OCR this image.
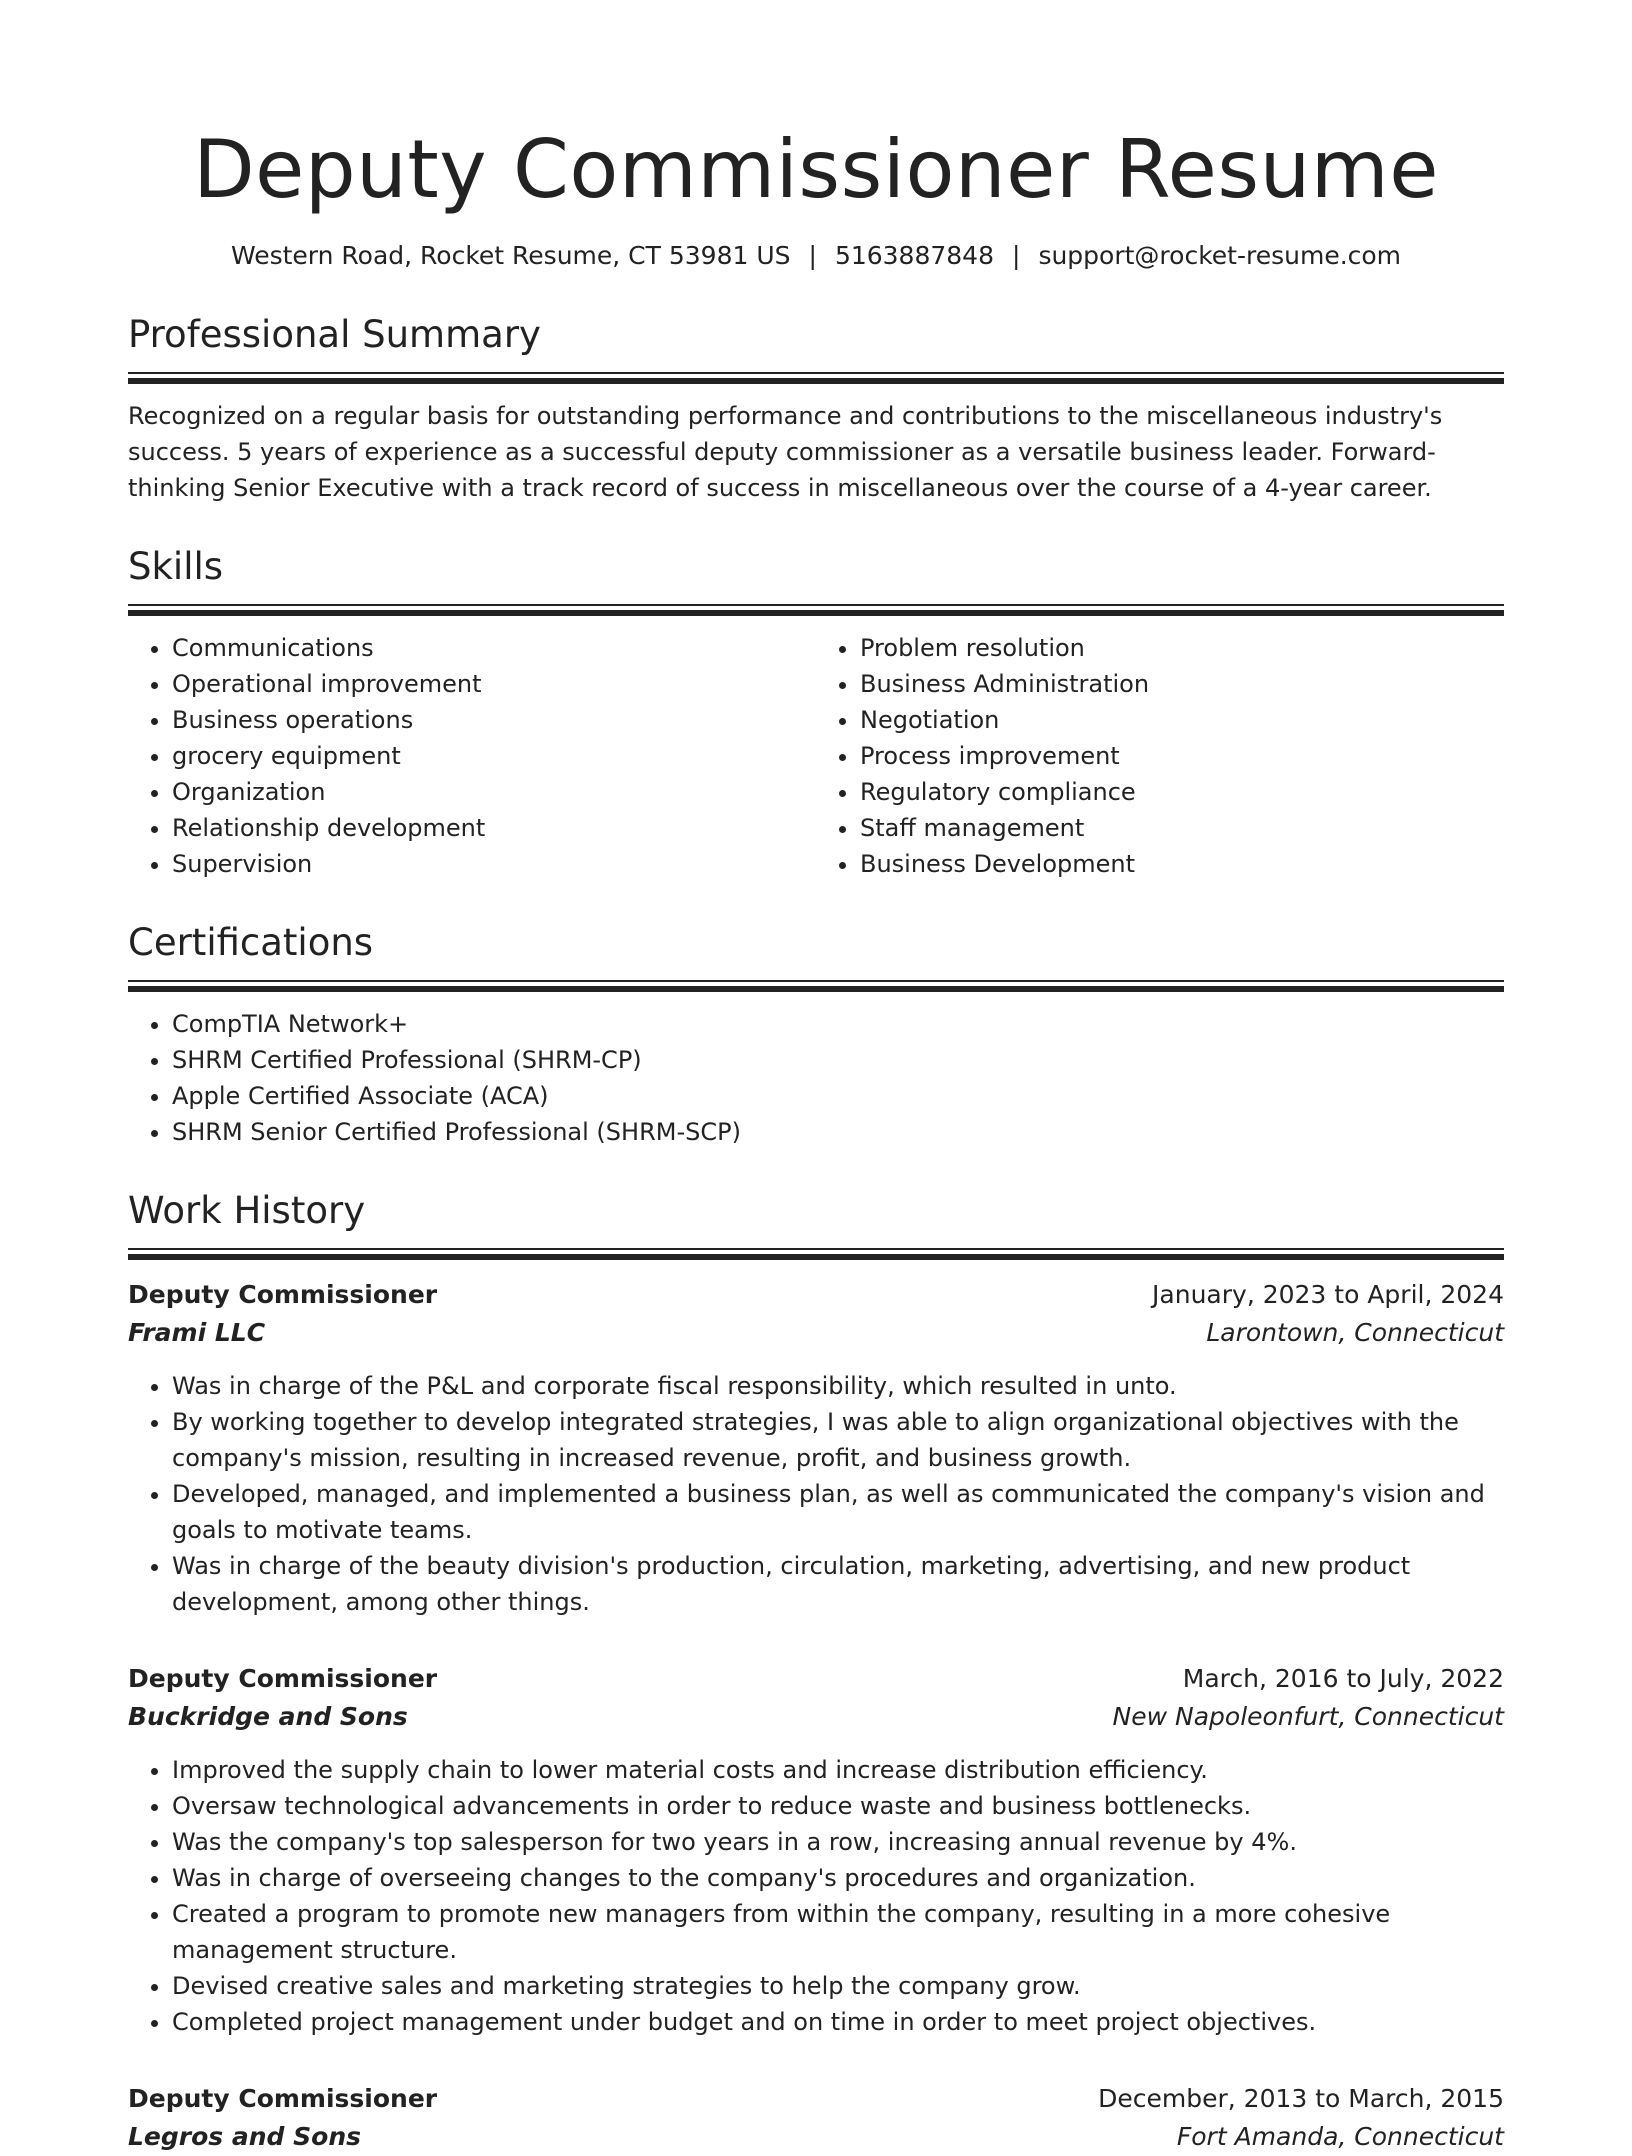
Deputy Commissioner Resume
Western Road, Rocket Resume, CT 53981 US | 5163887848 | support@rocket-resume.com
Professional Summary
Recognized on a regular basis for outstanding performance and contributions to the miscellaneous industry's success. 5 years of experience as a successful deputy commissioner as a versatile business leader. Forward-thinking Senior Executive with a track record of success in miscellaneous over the course of a 4-year career.
Skills
• Communications
• Operational improvement
• Business operations
• grocery equipment
• Organization
• Relationship development
• Supervision
• Problem resolution
• Business Administration
• Negotiation
• Process improvement
• Regulatory compliance
• Staff management
• Business Development
Certifications
• CompTIA Network+
• SHRM Certified Professional (SHRM-CP)
• Apple Certified Associate (ACA)
• SHRM Senior Certified Professional (SHRM-SCP)
Work History
Deputy Commissioner	January, 2023 to April, 2024
Frami LLC	Larontown, Connecticut
• Was in charge of the P&L and corporate fiscal responsibility, which resulted in unto.
• By working together to develop integrated strategies, I was able to align organizational objectives with the company's mission, resulting in increased revenue, profit, and business growth.
• Developed, managed, and implemented a business plan, as well as communicated the company's vision and goals to motivate teams.
• Was in charge of the beauty division's production, circulation, marketing, advertising, and new product development, among other things.
Deputy Commissioner	March, 2016 to July, 2022
Buckridge and Sons	New Napoleonfurt, Connecticut
• Improved the supply chain to lower material costs and increase distribution efficiency.
• Oversaw technological advancements in order to reduce waste and business bottlenecks.
• Was the company's top salesperson for two years in a row, increasing annual revenue by 4%.
• Was in charge of overseeing changes to the company's procedures and organization.
• Created a program to promote new managers from within the company, resulting in a more cohesive management structure.
• Devised creative sales and marketing strategies to help the company grow.
• Completed project management under budget and on time in order to meet project objectives.
Deputy Commissioner	December, 2013 to March, 2015
Legros and Sons	Fort Amanda, Connecticut
